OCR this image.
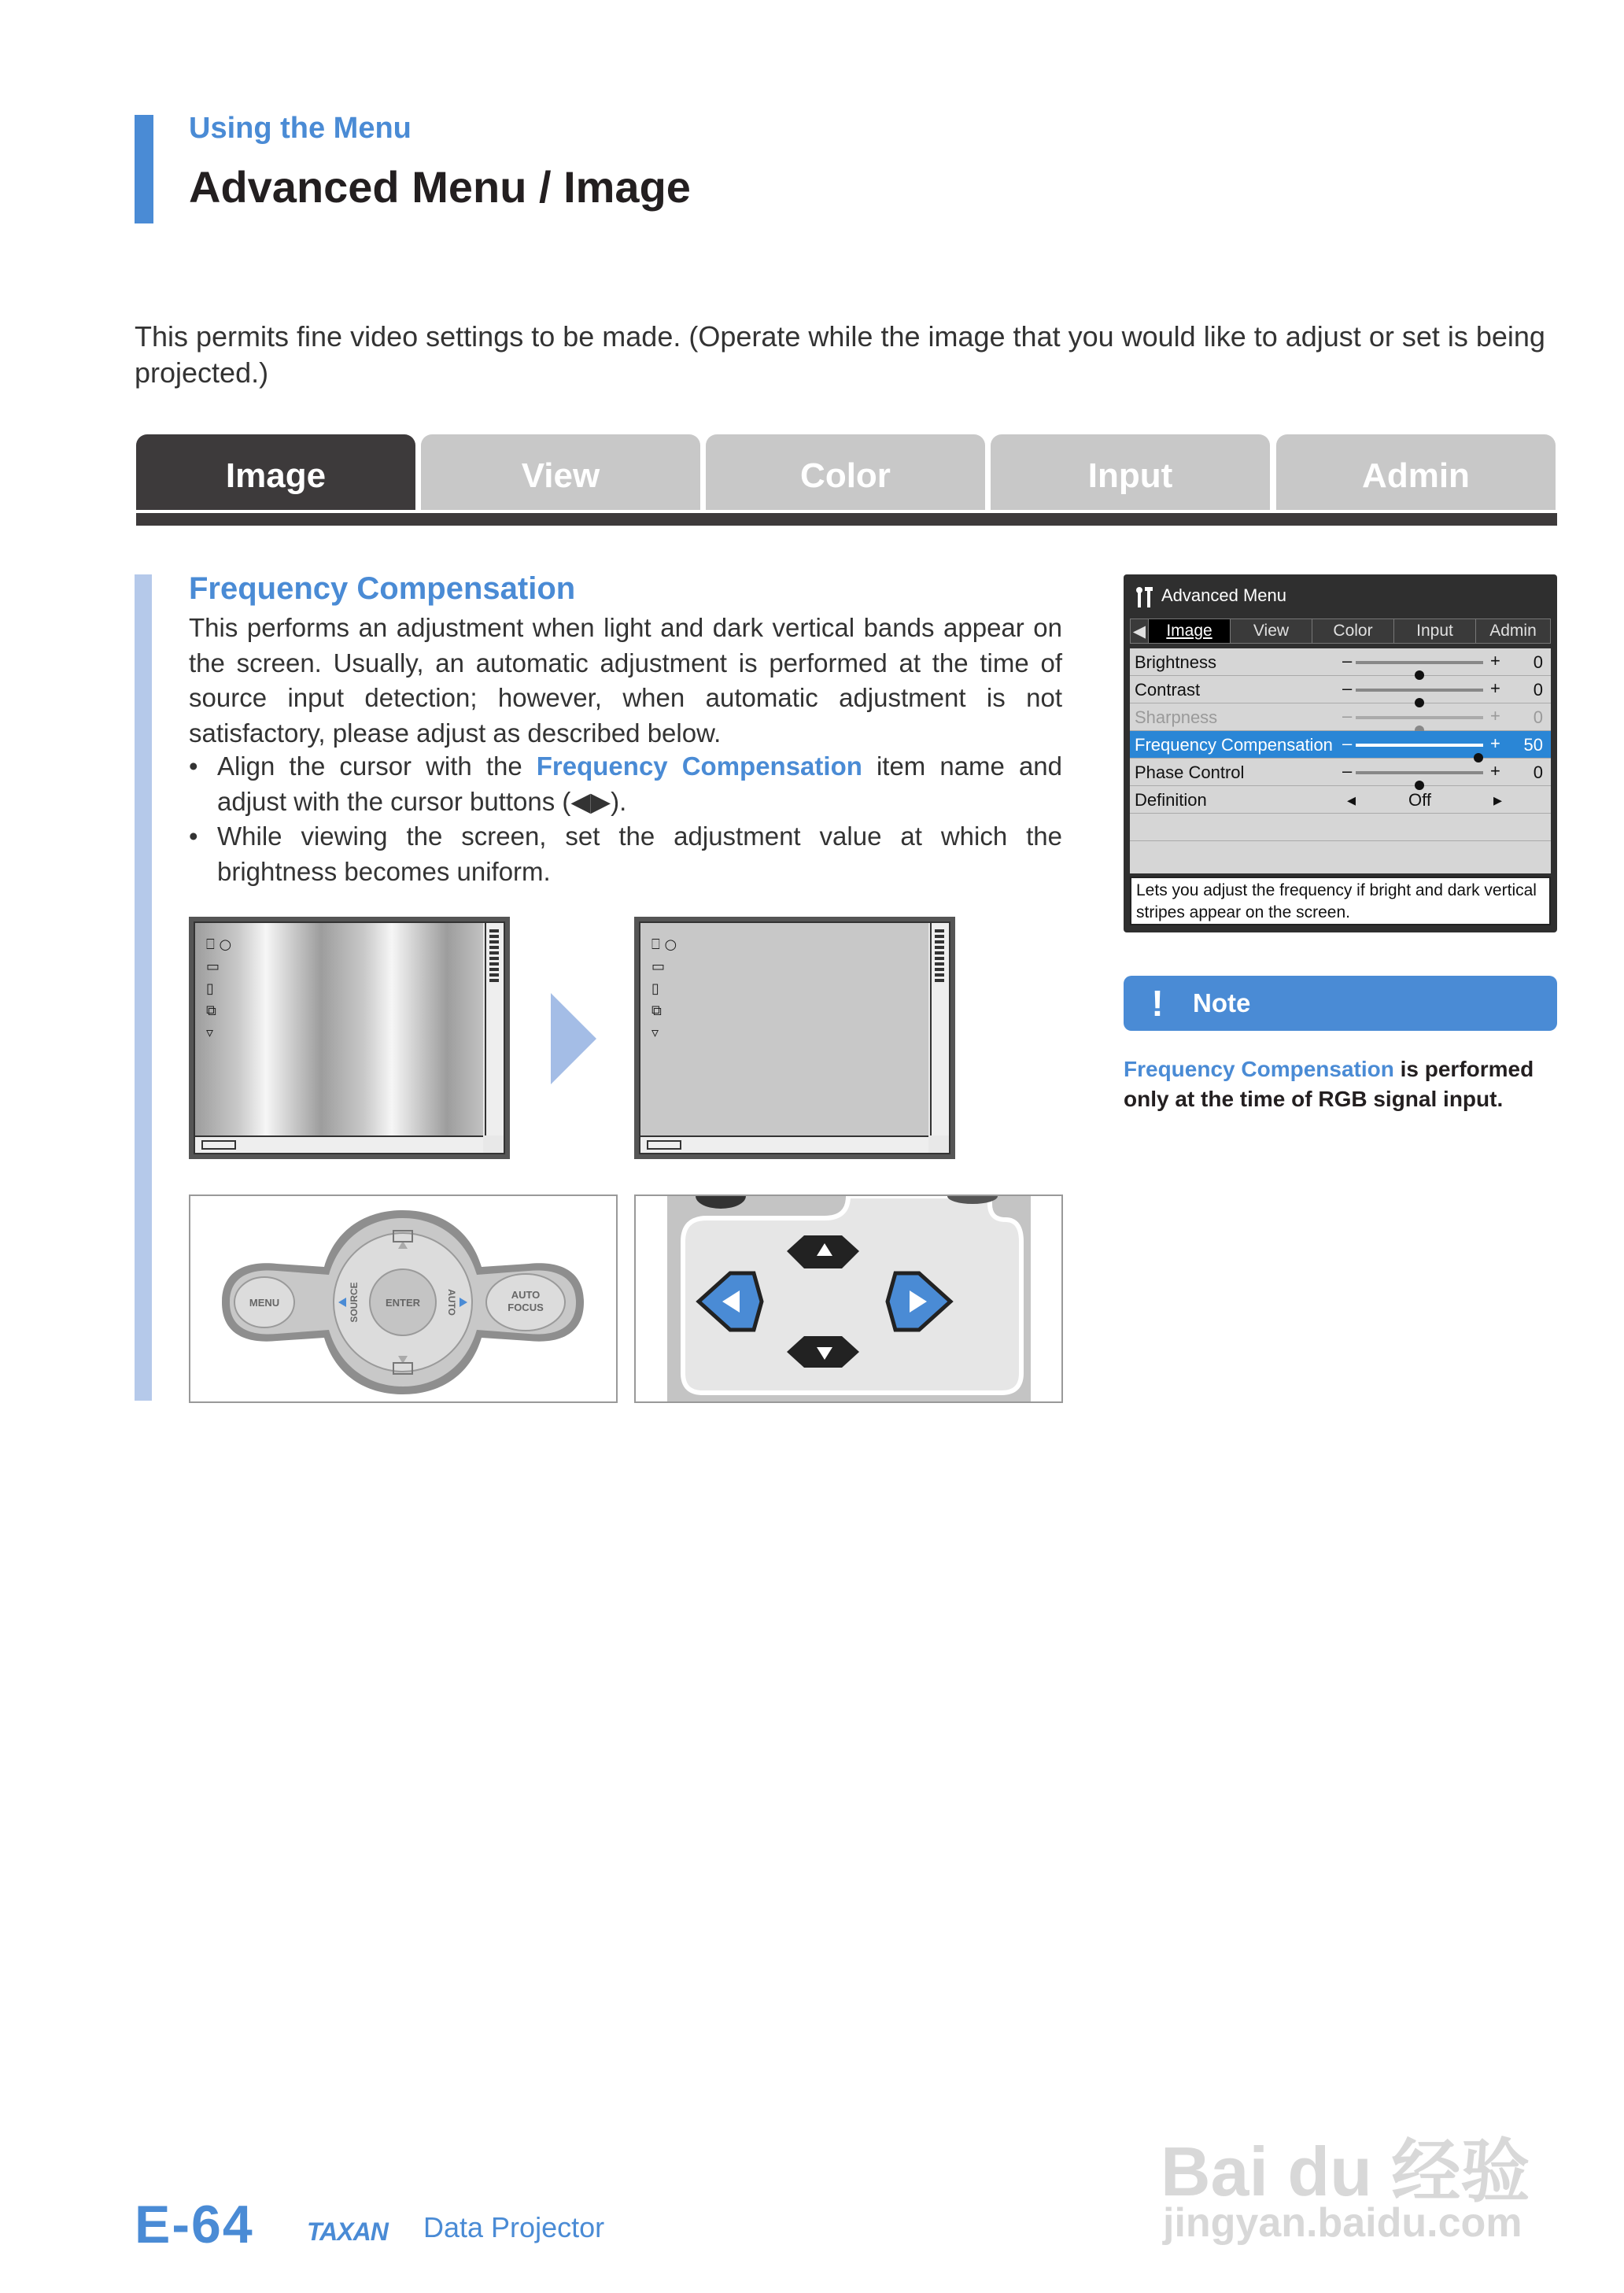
Using the Menu
Advanced Menu / Image
This permits fine video settings to be made. (Operate while the image that you would like to adjust or set is being projected.)
Image	View	Color	Input	Admin
Frequency Compensation
This performs an adjustment when light and dark vertical bands appear on the screen. Usually, an automatic adjustment is performed at the time of source input detection; however, when automatic adjustment is not satisfactory, please adjust as described below.
• Align the cursor with the Frequency Compensation item name and adjust with the cursor buttons (◀▶).
• While viewing the screen, set the adjustment value at which the brightness becomes uniform.
⎕ ○
▭
▯
⧉
▿
⎕ ○
▭
▯
⧉
▿
MENU	ENTER
AUTO
FOCUS
SOURCE	AUTO
Advanced Menu
◀	Image	View	Color	Input	Admin
Brightness	–	+ 0
Contrast	–	+ 0
Sharpness	–	+ 0
Frequency Compensation –	+ 50
Phase Control	–	+ 0
Definition	◂	Off	▸
Lets you adjust the frequency if bright and dark vertical stripes appear on the screen.
! Note
Frequency Compensation is performed only at the time of RGB signal input.
E-64 TAXAN Data Projector
Bai du 经验
jingyan.baidu.com
